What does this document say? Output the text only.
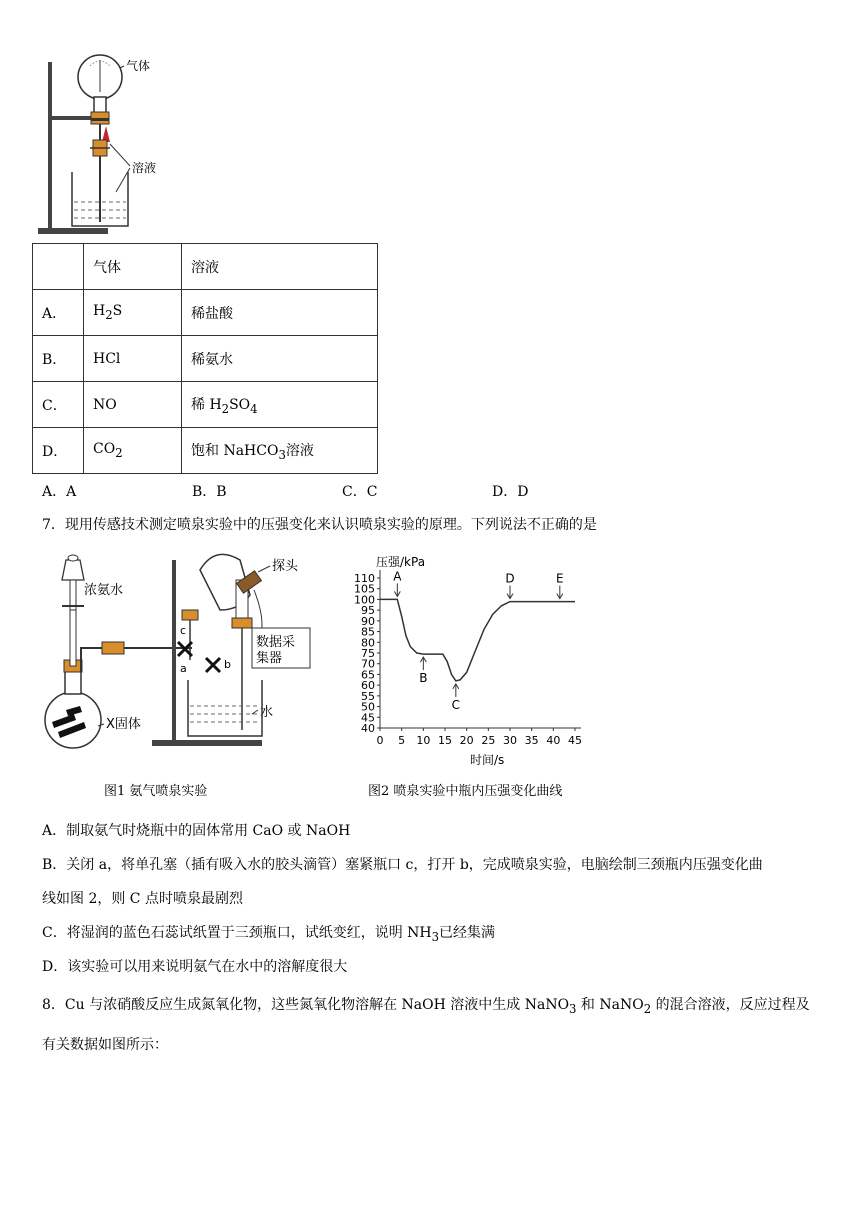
气体
溶液
	气体	溶液
A．	$H_2S$	稀盐酸
B．	HCl	稀氨水
C．	NO	稀 $H_2SO_4$
D．	$CO_2$	饱和 NaHCO$_3$溶液
A．A	B．B	C．C	D．D
7．现用传感技术测定喷泉实验中的压强变化来认识喷泉实验的原理。下列说法不正确的是
浓氨水
探头
数据采
集器
水
X固体
a	b
c
图1 氨气喷泉实验
40
45
50
55
60
65
70
75
80
85
90
95
100
105
110
0 5 10 15 20 25 30 35 40 45
A
B
C
D	E
压强/kPa
时间/s
图2 喷泉实验中瓶内压强变化曲线
A．制取氨气时烧瓶中的固体常用 CaO 或 NaOH
B．关闭 a，将单孔塞（插有吸入水的胶头滴管）塞紧瓶口 c，打开 b，完成喷泉实验，电脑绘制三颈瓶内压强变化曲
线如图 2，则 C 点时喷泉最剧烈
C．将湿润的蓝色石蕊试纸置于三颈瓶口，试纸变红，说明 $NH_3$已经集满
D．该实验可以用来说明氨气在水中的溶解度很大
8．Cu 与浓硝酸反应生成氮氧化物，这些氮氧化物溶解在 NaOH 溶液中生成 NaNO$_3$ 和 NaNO$_2$ 的混合溶液，反应过程及
有关数据如图所示：
